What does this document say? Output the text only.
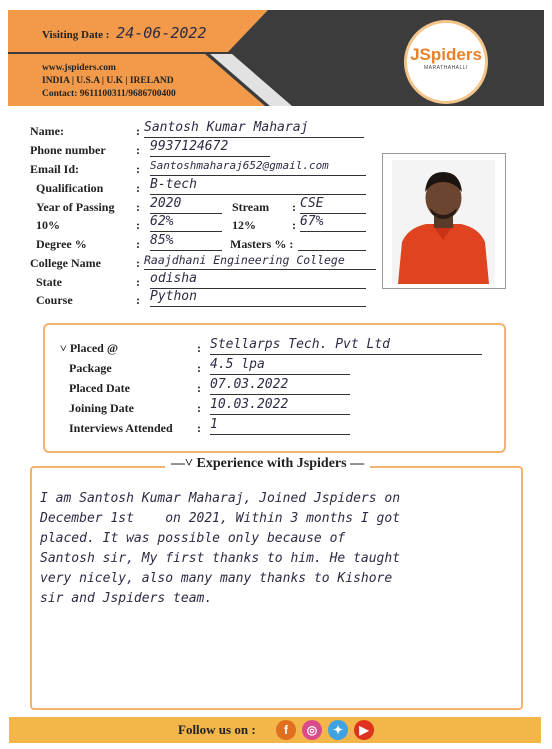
Visiting Date : 24-06-2022
www.jspiders.com
INDIA | U.S.A | U.K | IRELAND
Contact: 9611100311/9686700400
JSpiders
MARATHAHALLI
Name:	: Santosh Kumar Maharaj
Phone number	: 9937124672
Email Id:	: Santoshmaharaj652@gmail.com
Qualification	: B-tech
Year of Passing : 2020	Stream : CSE
10%	: 62%	12%	: 67%
Degree %	: 85%	Masters % :
College Name	: Raajdhani Engineering College
State	: odisha
Course	: Python
˅ Placed @	: Stellarps Tech. Pvt Ltd
Package	: 4.5 lpa
Placed Date	: 07.03.2022
Joining Date	: 10.03.2022
Interviews Attended : 1
—˅ Experience with Jspiders —
I am Santosh Kumar Maharaj, Joined Jspiders on
December 1st    on 2021, Within 3 months I got
placed. It was possible only because of
Santosh sir, My first thanks to him. He taught
very nicely, also many many thanks to Kishore
sir and Jspiders team.
Follow us on :	f	◎	✦	▶
